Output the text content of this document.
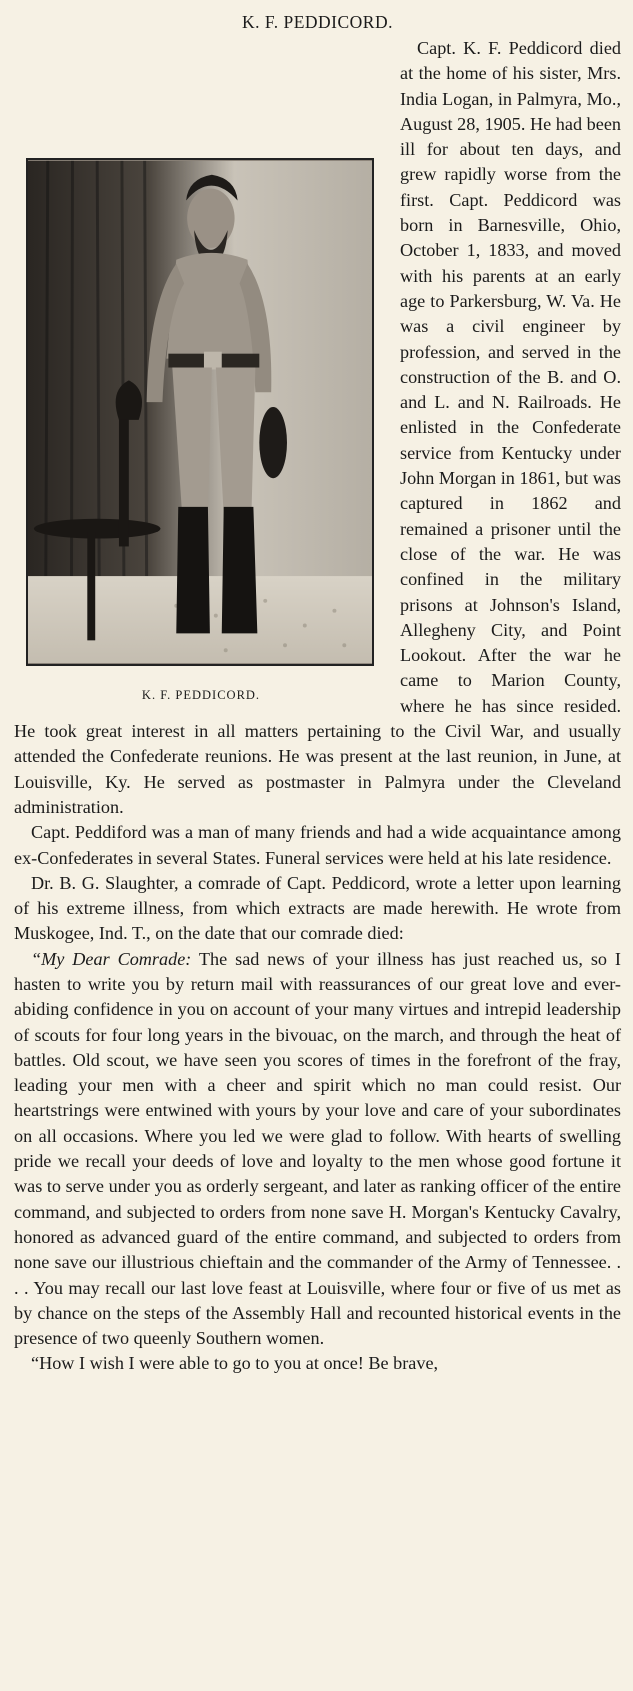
K. F. PEDDICORD.
K. F. PEDDICORD.

Capt. K. F. Peddicord died at the home of his sister, Mrs. India Logan, in Palmyra, Mo., August 28, 1905. He had been ill for about ten days, and grew rapidly worse from the first. Capt. Peddicord was born in Barnesville, Ohio, October 1, 1833, and moved with his parents at an early age to Parkersburg, W. Va. He was a civil engineer by profession, and served in the construction of the B. and O. and L. and N. Railroads. He enlisted in the Confederate service from Kentucky under John Morgan in 1861, but was captured in 1862 and remained a prisoner until the close of the war. He was confined in the military prisons at Johnson's Island, Allegheny City, and Point Lookout. After the war he came to Marion County, where he has since resided. He took great interest in all matters pertaining to the Civil War, and usually attended the Confederate reunions. He was present at the last reunion, in June, at Louisville, Ky. He served as postmaster in Palmyra under the Cleveland administration.

Capt. Peddiford was a man of many friends and had a wide acquaintance among ex-Confederates in several States. Funeral services were held at his late residence.

Dr. B. G. Slaughter, a comrade of Capt. Peddicord, wrote a letter upon learning of his extreme illness, from which extracts are made herewith. He wrote from Muskogee, Ind. T., on the date that our comrade died:

“My Dear Comrade: The sad news of your illness has just reached us, so I hasten to write you by return mail with reassurances of our great love and ever-abiding confidence in you on account of your many virtues and intrepid leadership of scouts for four long years in the bivouac, on the march, and through the heat of battles. Old scout, we have seen you scores of times in the forefront of the fray, leading your men with a cheer and spirit which no man could resist. Our heartstrings were entwined with yours by your love and care of your subordinates on all occasions. Where you led we were glad to follow. With hearts of swelling pride we recall your deeds of love and loyalty to the men whose good fortune it was to serve under you as orderly sergeant, and later as ranking officer of the entire command, and subjected to orders from none save H. Morgan's Kentucky Cavalry, honored as advanced guard of the entire command, and subjected to orders from none save our illustrious chieftain and the commander of the Army of Tennessee. . . . You may recall our last love feast at Louisville, where four or five of us met as by chance on the steps of the Assembly Hall and recounted historical events in the presence of two queenly Southern women.

“How I wish I were able to go to you at once! Be brave,
